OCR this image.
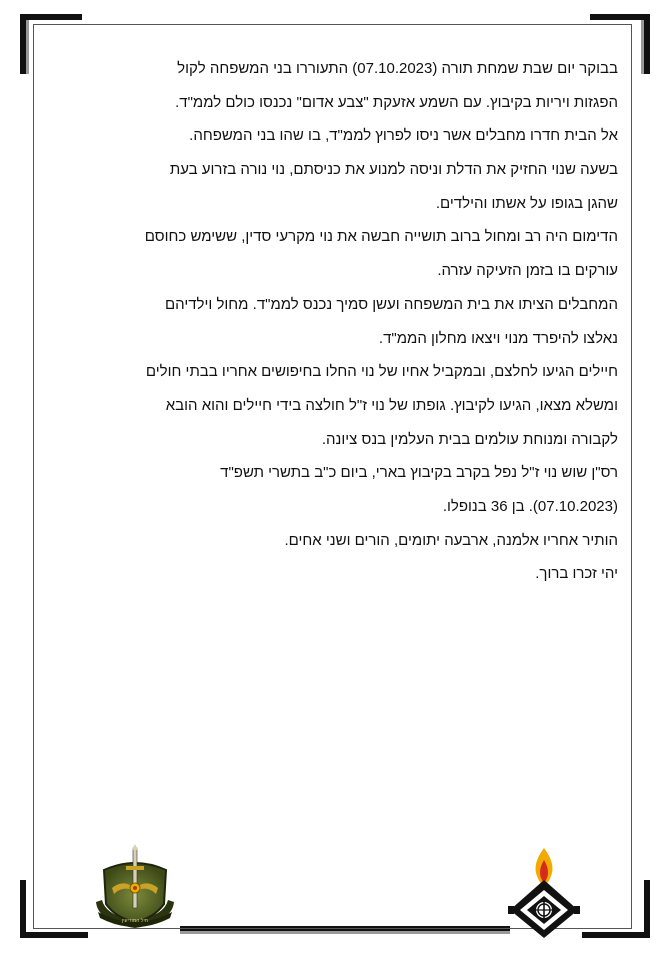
בבוקר יום שבת שמחת תורה (07.10.2023) התעוררו בני המשפחה לקול

הפגזות ויריות בקיבוץ. עם השמע אזעקת "צבע אדום" נכנסו כולם לממ"ד.

אל הבית חדרו מחבלים אשר ניסו לפרוץ לממ"ד, בו שהו בני המשפחה.

בשעה שנוי החזיק את הדלת וניסה למנוע את כניסתם, נוי נורה בזרוע בעת

שהגן בגופו על אשתו והילדים.

הדימום היה רב ומחול ברוב תושייה חבשה את נוי מקרעי סדין, ששימש כחוסם

עורקים בו בזמן הזעיקה עזרה.

המחבלים הציתו את בית המשפחה ועשן סמיך נכנס לממ"ד. מחול וילדיהם

נאלצו להיפרד מנוי ויצאו מחלון הממ"ד.

חיילים הגיעו לחלצם, ובמקביל אחיו של נוי החלו בחיפושים אחריו בבתי חולים

ומשלא מצאו, הגיעו לקיבוץ. גופתו של נוי ז"ל חולצה בידי חיילים והוא הובא

לקבורה ומנוחת עולמים בבית העלמין בנס ציונה.

רס"ן שוש נוי ז"ל נפל בקרב בקיבוץ בארי, ביום כ"ב בתשרי תשפ"ד

(07.10.2023). בן 36 בנופלו.

הותיר אחריו אלמנה, ארבעה יתומים, הורים ושני אחים.

יהי זכרו ברוך.

חיל המודיעין
